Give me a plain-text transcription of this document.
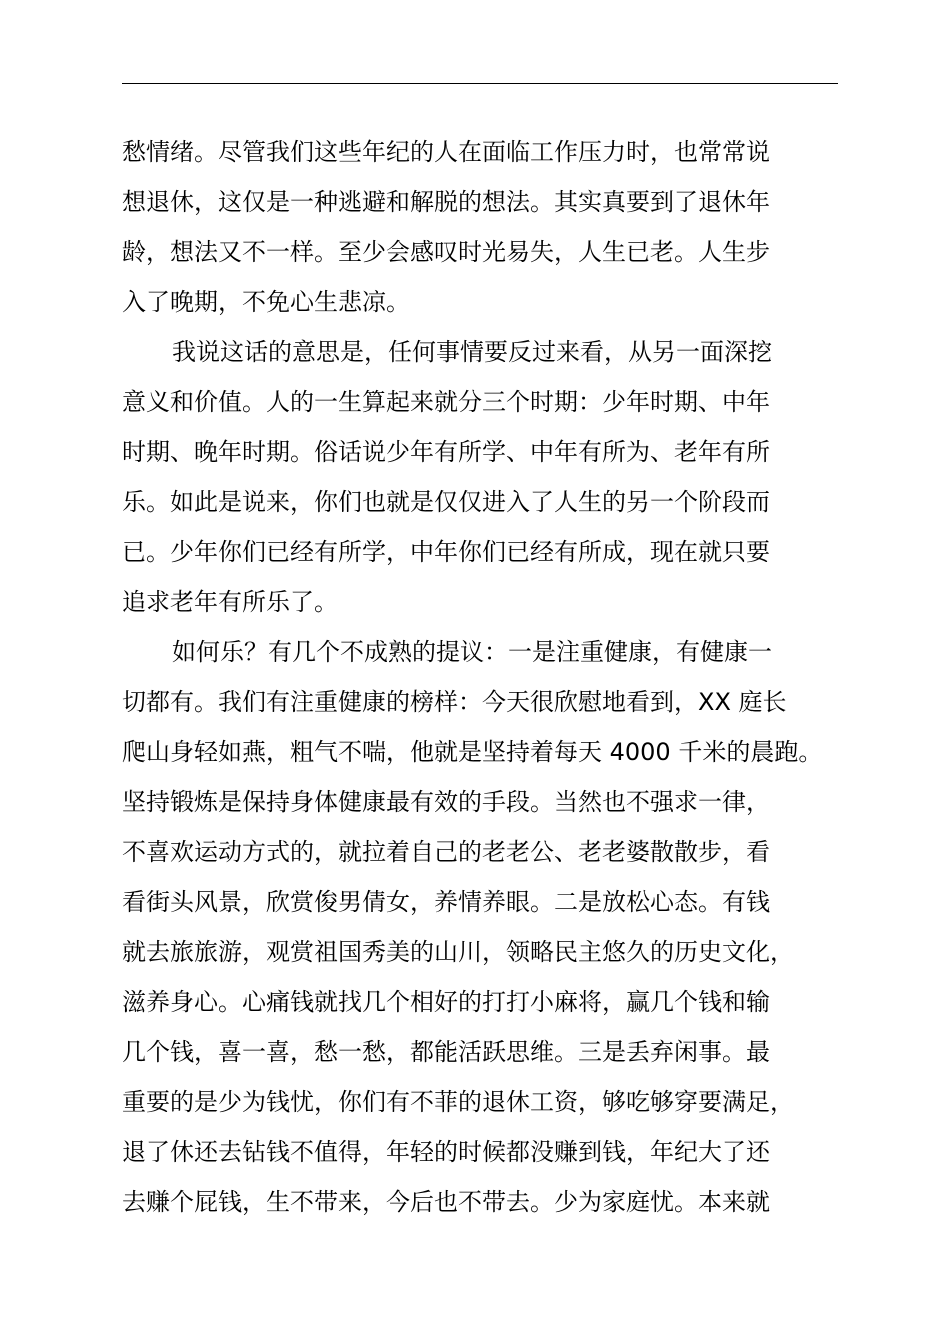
愁情绪。尽管我们这些年纪的人在面临工作压力时，也常常说
想退休，这仅是一种逃避和解脱的想法。其实真要到了退休年
龄，想法又不一样。至少会感叹时光易失，人生已老。人生步
入了晚期，不免心生悲凉。
我说这话的意思是，任何事情要反过来看，从另一面深挖
意义和价值。人的一生算起来就分三个时期：少年时期、中年
时期、晚年时期。俗话说少年有所学、中年有所为、老年有所
乐。如此是说来，你们也就是仅仅进入了人生的另一个阶段而
已。少年你们已经有所学，中年你们已经有所成，现在就只要
追求老年有所乐了。
如何乐？有几个不成熟的提议：一是注重健康，有健康一
切都有。我们有注重健康的榜样：今天很欣慰地看到，XX 庭长
爬山身轻如燕，粗气不喘，他就是坚持着每天 4000 千米的晨跑。
坚持锻炼是保持身体健康最有效的手段。当然也不强求一律，
不喜欢运动方式的，就拉着自己的老老公、老老婆散散步，看
看街头风景，欣赏俊男倩女，养情养眼。二是放松心态。有钱
就去旅旅游，观赏祖国秀美的山川，领略民主悠久的历史文化，
滋养身心。心痛钱就找几个相好的打打小麻将，赢几个钱和输
几个钱，喜一喜，愁一愁，都能活跃思维。三是丢弃闲事。最
重要的是少为钱忧，你们有不菲的退休工资，够吃够穿要满足，
退了休还去钻钱不值得，年轻的时候都没赚到钱，年纪大了还
去赚个屁钱，生不带来，今后也不带去。少为家庭忧。本来就
